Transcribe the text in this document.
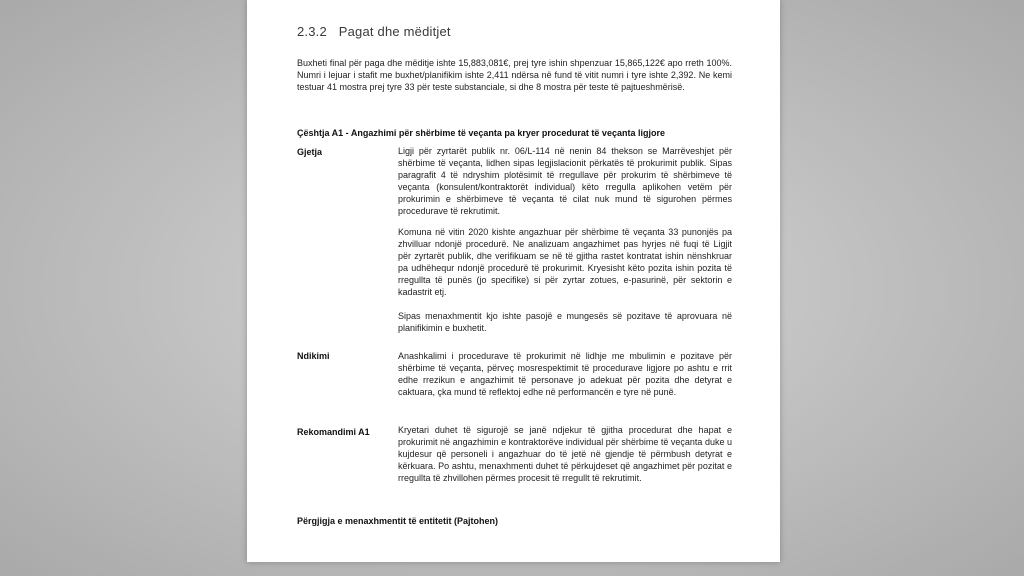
2.3.2 Pagat dhe mëditjet
Buxheti final për paga dhe mëditje ishte 15,883,081€, prej tyre ishin shpenzuar 15,865,122€ apo rreth 100%. Numri i lejuar i stafit me buxhet/planifikim ishte 2,411 ndërsa në fund të vitit numri i tyre ishte 2,392. Ne kemi testuar 41 mostra prej tyre 33 për teste substanciale, si dhe 8 mostra për teste të pajtueshmërisë.
Çështja A1 - Angazhimi për shërbime të veçanta pa kryer procedurat të veçanta ligjore
Gjetja	Ligji për zyrtarët publik nr. 06/L-114 në nenin 84 thekson se Marrëveshjet për shërbime të veçanta, lidhen sipas legjislacionit përkatës të prokurimit publik. Sipas paragrafit 4 të ndryshim plotësimit të rregullave për prokurim të shërbimeve të veçanta (konsulent/kontraktorët individual) këto rregulla aplikohen vetëm për prokurimin e shërbimeve të veçanta të cilat nuk mund të sigurohen përmes procedurave të rekrutimit.
Komuna në vitin 2020 kishte angazhuar për shërbime të veçanta 33 punonjës pa zhvilluar ndonjë procedurë. Ne analizuam angazhimet pas hyrjes në fuqi të Ligjit për zyrtarët publik, dhe verifikuam se në të gjitha rastet kontratat ishin nënshkruar pa udhëhequr ndonjë procedurë të prokurimit. Kryesisht këto pozita ishin pozita të rregullta të punës (jo specifike) si për zyrtar zotues, e-pasurinë, për sektorin e kadastrit etj.
Sipas menaxhmentit kjo ishte pasojë e mungesës së pozitave të aprovuara në planifikimin e buxhetit.
Ndikimi	Anashkalimi i procedurave të prokurimit në lidhje me mbulimin e pozitave për shërbime të veçanta, përveç mosrespektimit të procedurave ligjore po ashtu e rrit edhe rrezikun e angazhimit të personave jo adekuat për pozita dhe detyrat e caktuara, çka mund të reflektoj edhe në performancën e tyre në punë.
Rekomandimi A1	Kryetari duhet të sigurojë se janë ndjekur të gjitha procedurat dhe hapat e prokurimit në angazhimin e kontraktorëve individual për shërbime të veçanta duke u kujdesur që personeli i angazhuar do të jetë në gjendje të përmbush detyrat e kërkuara. Po ashtu, menaxhmenti duhet të përkujdeset që angazhimet për pozitat e rregullta të zhvillohen përmes procesit të rregullt të rekrutimit.
Përgjigja e menaxhmentit të entitetit (Pajtohen)
